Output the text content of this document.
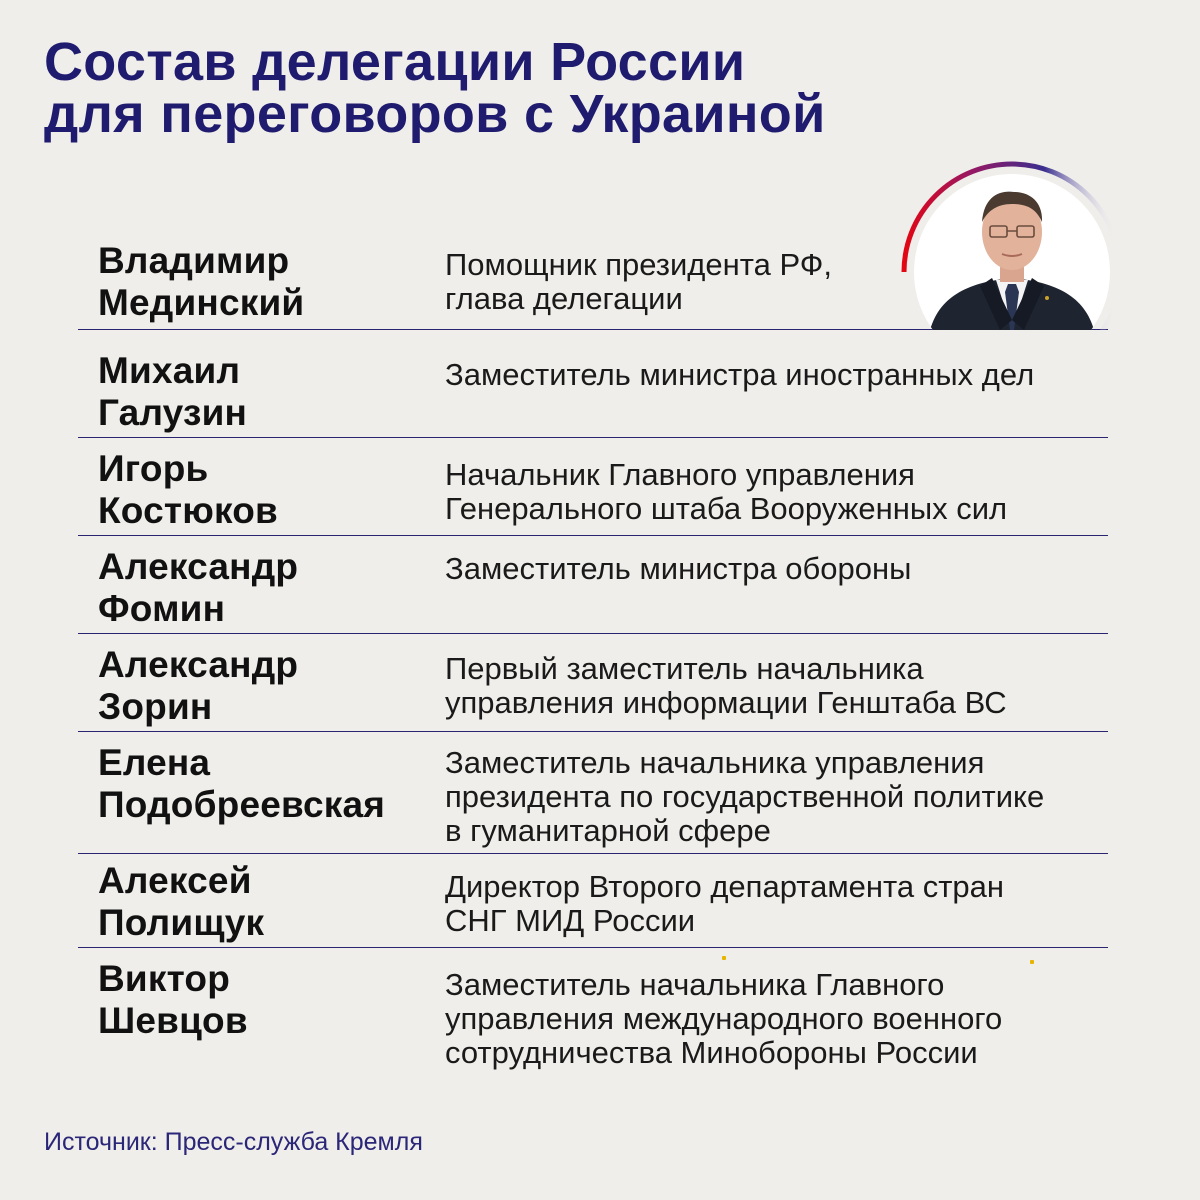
Состав делегации России
для переговоров с Украиной
Владимир
Мединский
Помощник президента РФ,
глава делегации
Михаил
Галузин
Заместитель министра иностранных дел
Игорь
Костюков
Начальник Главного управления
Генерального штаба Вооруженных сил
Александр
Фомин
Заместитель министра обороны
Александр
Зорин
Первый заместитель начальника
управления информации Генштаба ВС
Елена
Подобреевская
Заместитель начальника управления
президента по государственной политике
в гуманитарной сфере
Алексей
Полищук
Директор Второго департамента стран
СНГ МИД России
Виктор
Шевцов
Заместитель начальника Главного
управления международного военного
сотрудничества Минобороны России
Источник: Пресс-служба Кремля
